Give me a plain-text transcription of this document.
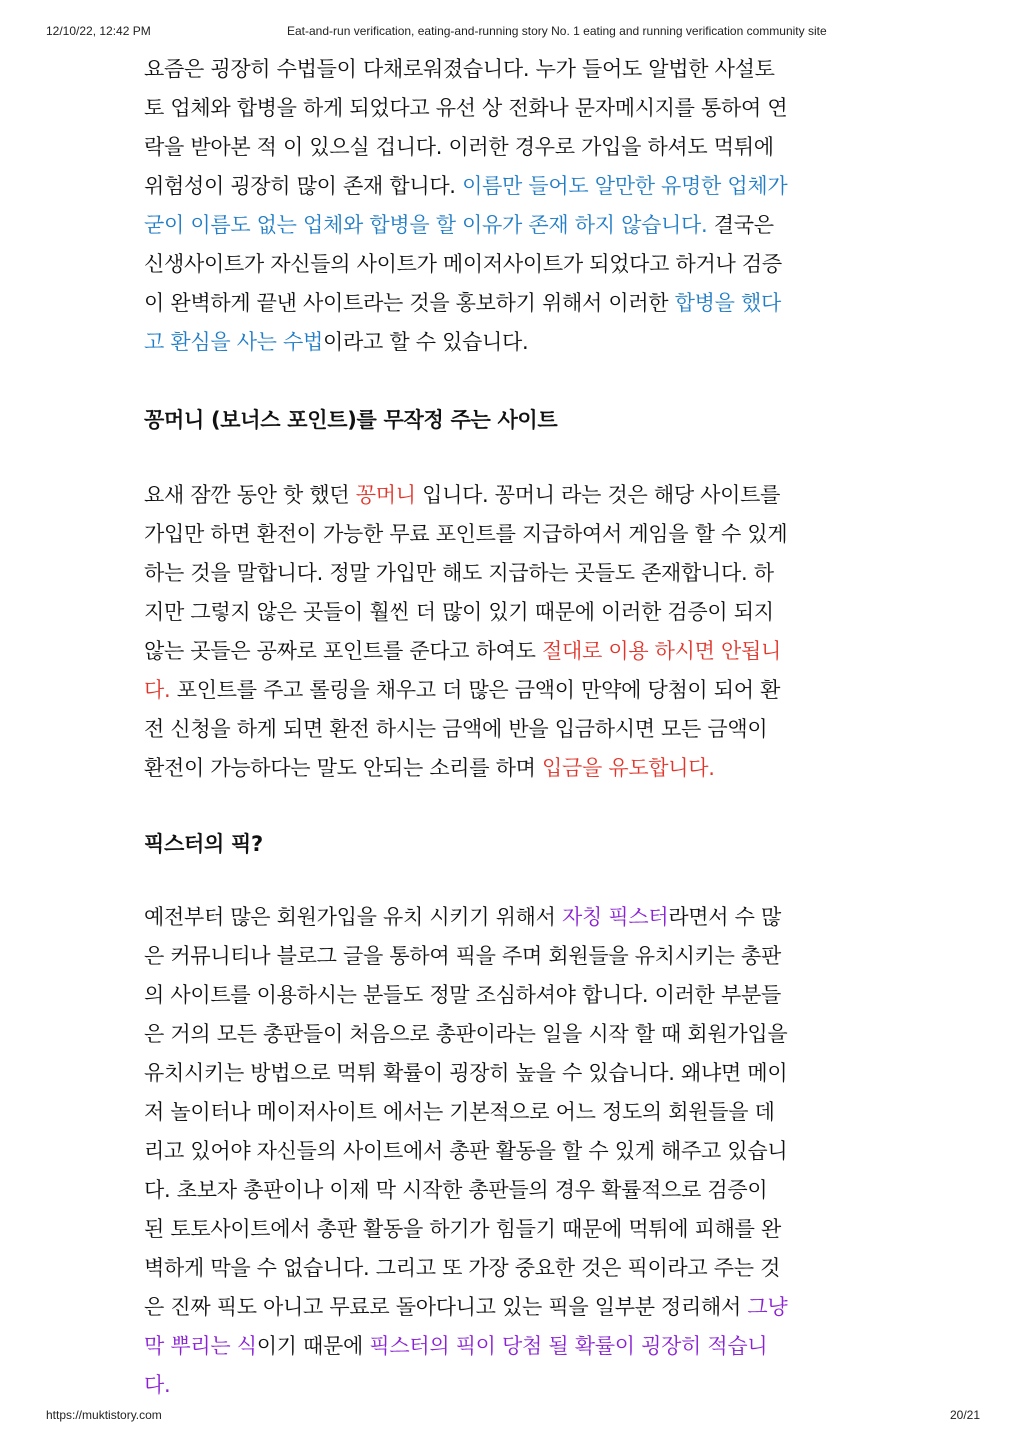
12/10/22, 12:42 PM	Eat-and-run verification, eating-and-running story No. 1 eating and running verification community site

요즘은 굉장히 수법들이 다채로워졌습니다. 누가 들어도 알법한 사설토
토 업체와 합병을 하게 되었다고 유선 상 전화나 문자메시지를 통하여 연
락을 받아본 적 이 있으실 겁니다. 이러한 경우로 가입을 하셔도 먹튀에
위험성이 굉장히 많이 존재 합니다. 이름만 들어도 알만한 유명한 업체가
굳이 이름도 없는 업체와 합병을 할 이유가 존재 하지 않습니다. 결국은
신생사이트가 자신들의 사이트가 메이저사이트가 되었다고 하거나 검증
이 완벽하게 끝낸 사이트라는 것을 홍보하기 위해서 이러한 합병을 했다
고 환심을 사는 수법이라고 할 수 있습니다.

꽁머니 (보너스 포인트)를 무작정 주는 사이트

요새 잠깐 동안 핫 했던 꽁머니 입니다. 꽁머니 라는 것은 해당 사이트를
가입만 하면 환전이 가능한 무료 포인트를 지급하여서 게임을 할 수 있게
하는 것을 말합니다. 정말 가입만 해도 지급하는 곳들도 존재합니다. 하
지만 그렇지 않은 곳들이 훨씬 더 많이 있기 때문에 이러한 검증이 되지
않는 곳들은 공짜로 포인트를 준다고 하여도 절대로 이용 하시면 안됩니
다. 포인트를 주고 롤링을 채우고 더 많은 금액이 만약에 당첨이 되어 환
전 신청을 하게 되면 환전 하시는 금액에 반을 입금하시면 모든 금액이
환전이 가능하다는 말도 안되는 소리를 하며 입금을 유도합니다.

픽스터의 픽?

예전부터 많은 회원가입을 유치 시키기 위해서 자칭 픽스터라면서 수 많
은 커뮤니티나 블로그 글을 통하여 픽을 주며 회원들을 유치시키는 총판
의 사이트를 이용하시는 분들도 정말 조심하셔야 합니다. 이러한 부분들
은 거의 모든 총판들이 처음으로 총판이라는 일을 시작 할 때 회원가입을
유치시키는 방법으로 먹튀 확률이 굉장히 높을 수 있습니다. 왜냐면 메이
저 놀이터나 메이저사이트 에서는 기본적으로 어느 정도의 회원들을 데
리고 있어야 자신들의 사이트에서 총판 활동을 할 수 있게 해주고 있습니
다. 초보자 총판이나 이제 막 시작한 총판들의 경우 확률적으로 검증이
된 토토사이트에서 총판 활동을 하기가 힘들기 때문에 먹튀에 피해를 완
벽하게 막을 수 없습니다. 그리고 또 가장 중요한 것은 픽이라고 주는 것
은 진짜 픽도 아니고 무료로 돌아다니고 있는 픽을 일부분 정리해서 그냥
막 뿌리는 식이기 때문에 픽스터의 픽이 당첨 될 확률이 굉장히 적습니
다.

https://muktistory.com	20/21
